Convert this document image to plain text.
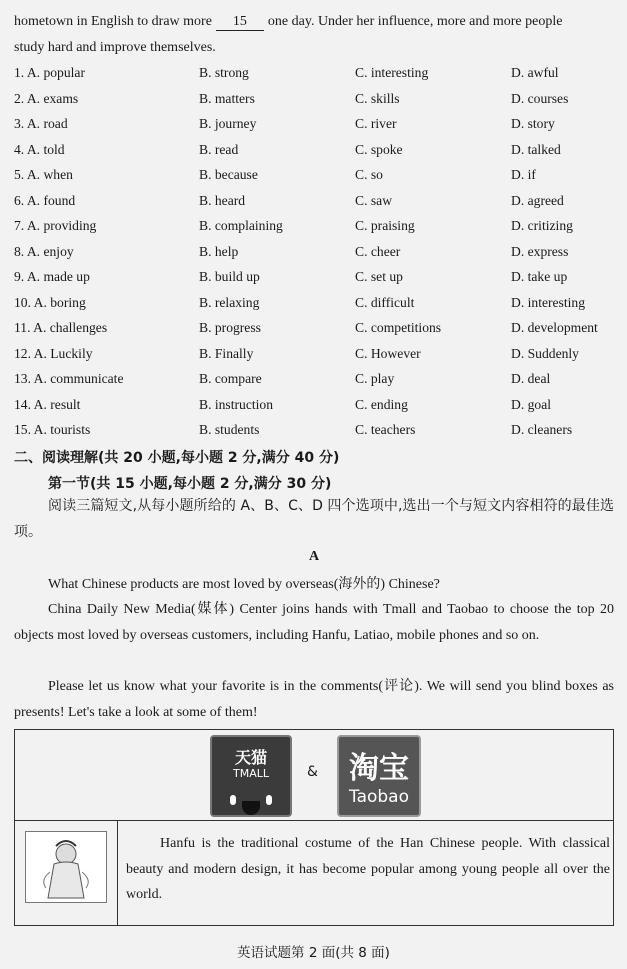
hometown in English to draw more 15 one day. Under her influence, more and more people
study hard and improve themselves.
1. A. popular	B. strong	C. interesting	D. awful
2. A. exams	B. matters	C. skills	D. courses
3. A. road	B. journey	C. river	D. story
4. A. told	B. read	C. spoke	D. talked
5. A. when	B. because	C. so	D. if
6. A. found	B. heard	C. saw	D. agreed
7. A. providing	B. complaining	C. praising	D. critizing
8. A. enjoy	B. help	C. cheer	D. express
9. A. made up	B. build up	C. set up	D. take up
10. A. boring	B. relaxing	C. difficult	D. interesting
11. A. challenges	B. progress	C. competitions	D. development
12. A. Luckily	B. Finally	C. However	D. Suddenly
13. A. communicate	B. compare	C. play	D. deal
14. A. result	B. instruction	C. ending	D. goal
15. A. tourists	B. students	C. teachers	D. cleaners
二、阅读理解(共 20 小题,每小题 2 分,满分 40 分)
第一节(共 15 小题,每小题 2 分,满分 30 分)
阅读三篇短文,从每小题所给的 A、B、C、D 四个选项中,选出一个与短文内容相符的最佳选项。
A
What Chinese products are most loved by overseas(海外的) Chinese?
China Daily New Media(媒体) Center joins hands with Tmall and Taobao to choose the top 20 objects most loved by overseas customers, including Hanfu, Latiao, mobile phones and so on.
Please let us know what your favorite is in the comments(评论). We will send you blind boxes as presents! Let's take a look at some of them!
天猫
TMALL	&	淘宝
Taobao

Hanfu is the traditional costume of the Han Chinese people. With classical beauty and modern design, it has become popular among young people all over the world.
英语试题第 2 面(共 8 面)
